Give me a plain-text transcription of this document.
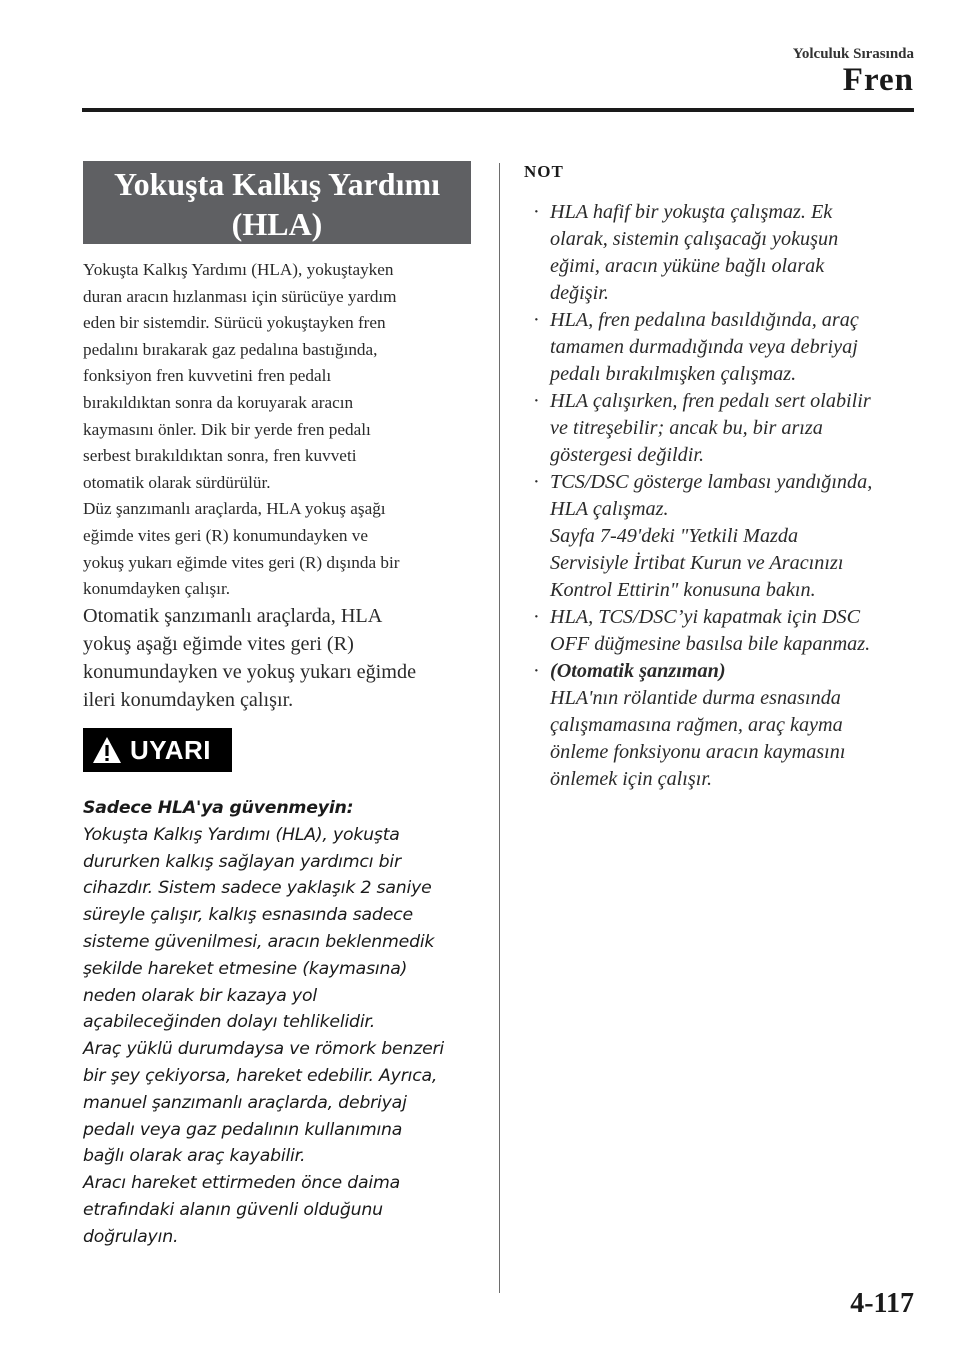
Yolculuk Sırasında
Fren
Yokuşta Kalkış Yardımı
(HLA)

Yokuşta Kalkış Yardımı (HLA), yokuştayken

duran aracın hızlanması için sürücüye yardım

eden bir sistemdir. Sürücü yokuştayken fren

pedalını bırakarak gaz pedalına bastığında,

fonksiyon fren kuvvetini fren pedalı

bırakıldıktan sonra da koruyarak aracın

kaymasını önler. Dik bir yerde fren pedalı

serbest bırakıldıktan sonra, fren kuvveti

otomatik olarak sürdürülür.

Düz şanzımanlı araçlarda, HLA yokuş aşağı

eğimde vites geri (R) konumundayken ve

yokuş yukarı eğimde vites geri (R) dışında bir

konumdayken çalışır.

Otomatik şanzımanlı araçlarda, HLA

yokuş aşağı eğimde vites geri (R)

konumundayken ve yokuş yukarı eğimde

ileri konumdayken çalışır.

UYARI

Sadece HLA'ya güvenmeyin:

Yokuşta Kalkış Yardımı (HLA), yokuşta

dururken kalkış sağlayan yardımcı bir

cihazdır. Sistem sadece yaklaşık 2 saniye

süreyle çalışır, kalkış esnasında sadece

sisteme güvenilmesi, aracın beklenmedik

şekilde hareket etmesine (kaymasına)

neden olarak bir kazaya yol

açabileceğinden dolayı tehlikelidir.

Araç yüklü durumdaysa ve römork benzeri

bir şey çekiyorsa, hareket edebilir. Ayrıca,

manuel şanzımanlı araçlarda, debriyaj

pedalı veya gaz pedalının kullanımına

bağlı olarak araç kayabilir.

Aracı hareket ettirmeden önce daima

etrafındaki alanın güvenli olduğunu

doğrulayın.

NOT
· HLA hafif bir yokuşta çalışmaz. Ek
olarak, sistemin çalışacağı yokuşun
eğimi, aracın yüküne bağlı olarak
değişir.
· HLA, fren pedalına basıldığında, araç
tamamen durmadığında veya debriyaj
pedalı bırakılmışken çalışmaz.
· HLA çalışırken, fren pedalı sert olabilir
ve titreşebilir; ancak bu, bir arıza
göstergesi değildir.
· TCS/DSC gösterge lambası yandığında,
HLA çalışmaz.
Sayfa 7-49'deki "Yetkili Mazda
Servisiyle İrtibat Kurun ve Aracınızı
Kontrol Ettirin" konusuna bakın.
· HLA, TCS/DSC’yi kapatmak için DSC
OFF düğmesine basılsa bile kapanmaz.
· (Otomatik şanzıman)
HLA'nın rölantide durma esnasında
çalışmamasına rağmen, araç kayma
önleme fonksiyonu aracın kaymasını
önlemek için çalışır.
4-117
